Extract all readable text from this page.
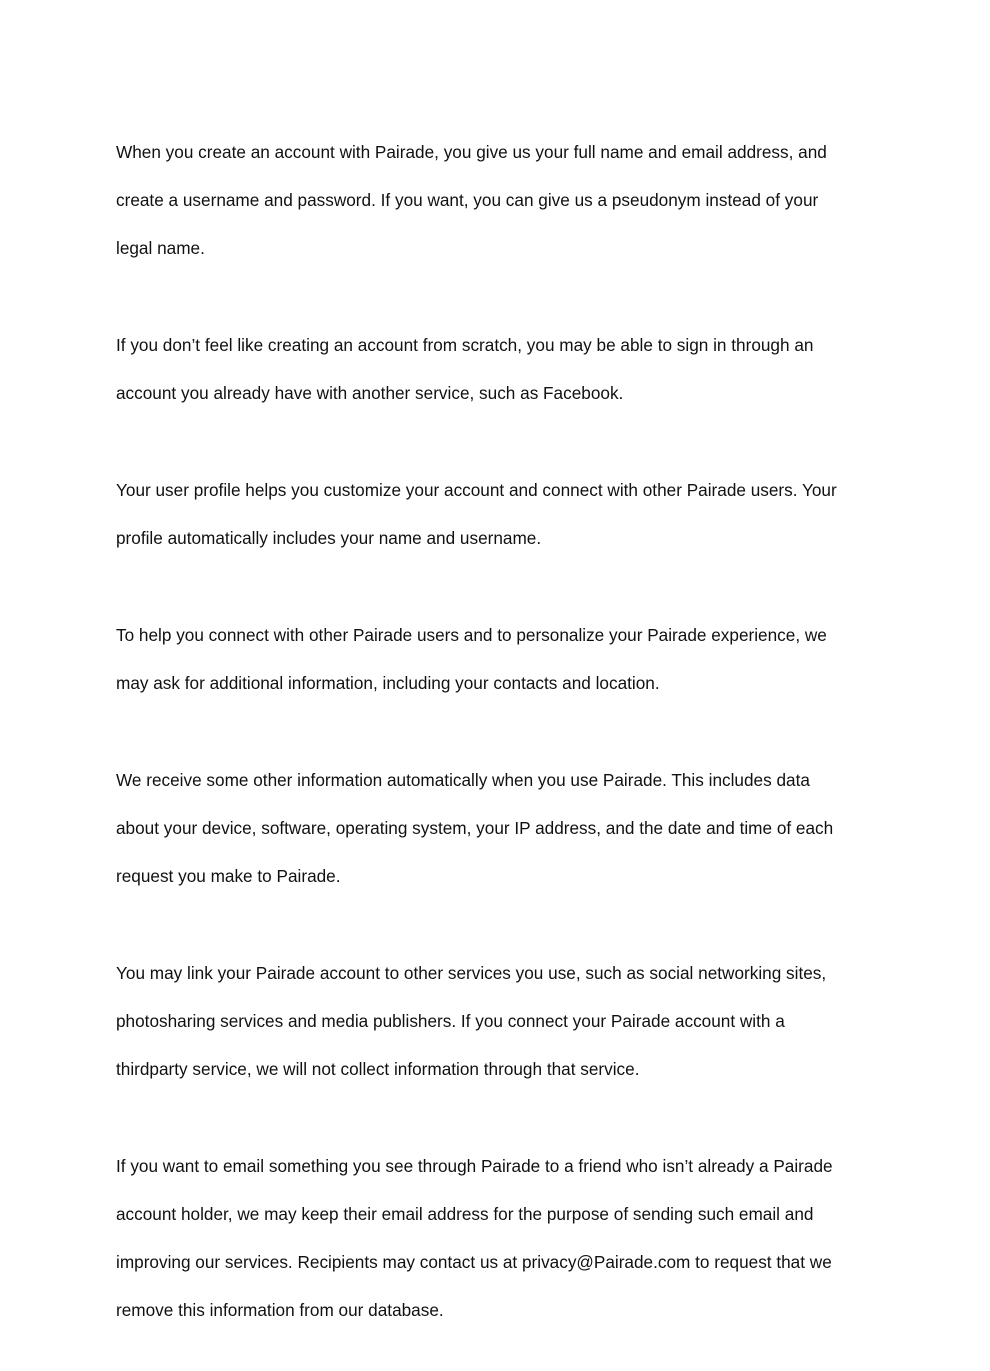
When you create an account with Pairade, you give us your full name and email address, and

create a username and password. If you want, you can give us a pseudonym instead of your

legal name.

If you don’t feel like creating an account from scratch, you may be able to sign in through an

account you already have with another service, such as Facebook.

Your user profile helps you customize your account and connect with other Pairade users. Your

profile automatically includes your name and username.

To help you connect with other Pairade users and to personalize your Pairade experience, we

may ask for additional information, including your contacts and location.

We receive some other information automatically when you use Pairade. This includes data

about your device, software, operating system, your IP address, and the date and time of each

request you make to Pairade.

You may link your Pairade account to other services you use, such as social networking sites,

photosharing services and media publishers. If you connect your Pairade account with a

thirdparty service, we will not collect information through that service.

If you want to email something you see through Pairade to a friend who isn’t already a Pairade

account holder, we may keep their email address for the purpose of sending such email and

improving our services. Recipients may contact us at privacy@Pairade.com to request that we

remove this information from our database.
